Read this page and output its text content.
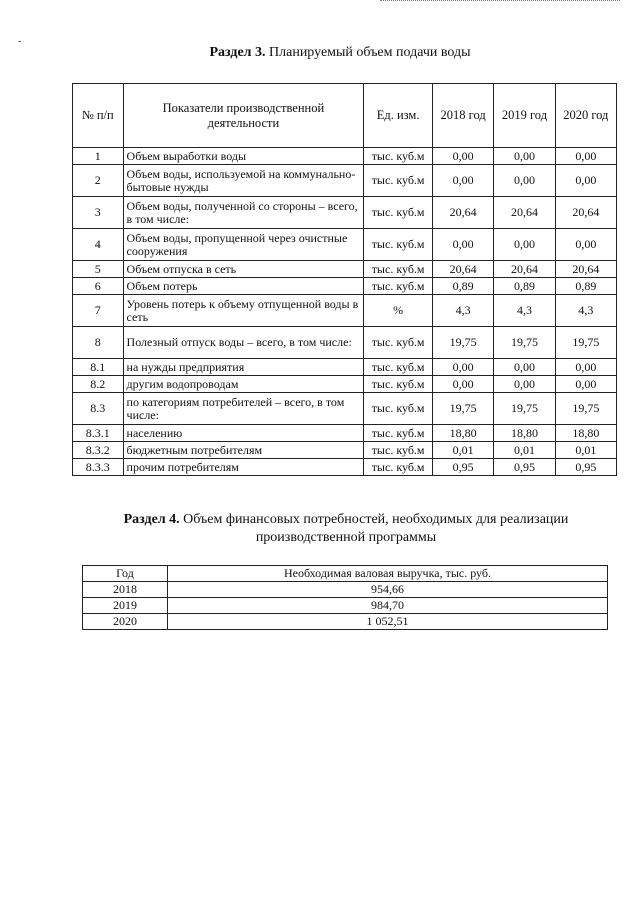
-
Раздел 3. Планируемый объем подачи воды
№ п/п	Показатели производственной деятельности	Ед. изм.	2018 год	2019 год	2020 год
1	Объем выработки воды	тыс. куб.м	0,00	0,00	0,00
2	Объем воды, используемой на коммунально-бытовые нужды	тыс. куб.м	0,00	0,00	0,00
3	Объем воды, полученной со стороны – всего, в том числе:	тыс. куб.м	20,64	20,64	20,64
4	Объем воды, пропущенной через очистные сооружения	тыс. куб.м	0,00	0,00	0,00
5	Объем отпуска в сеть	тыс. куб.м	20,64	20,64	20,64
6	Объем потерь	тыс. куб.м	0,89	0,89	0,89
7	Уровень потерь к объему отпущенной воды в сеть	%	4,3	4,3	4,3
8	Полезный отпуск воды – всего, в том числе:	тыс. куб.м	19,75	19,75	19,75
8.1	на нужды предприятия	тыс. куб.м	0,00	0,00	0,00
8.2	другим водопроводам	тыс. куб.м	0,00	0,00	0,00
8.3	по категориям потребителей – всего, в том числе:	тыс. куб.м	19,75	19,75	19,75
8.3.1	населению	тыс. куб.м	18,80	18,80	18,80
8.3.2	бюджетным потребителям	тыс. куб.м	0,01	0,01	0,01
8.3.3	прочим потребителям	тыс. куб.м	0,95	0,95	0,95
Раздел 4. Объем финансовых потребностей, необходимых для реализации
производственной программы
Год	Необходимая валовая выручка, тыс. руб.
2018	954,66
2019	984,70
2020	1 052,51
